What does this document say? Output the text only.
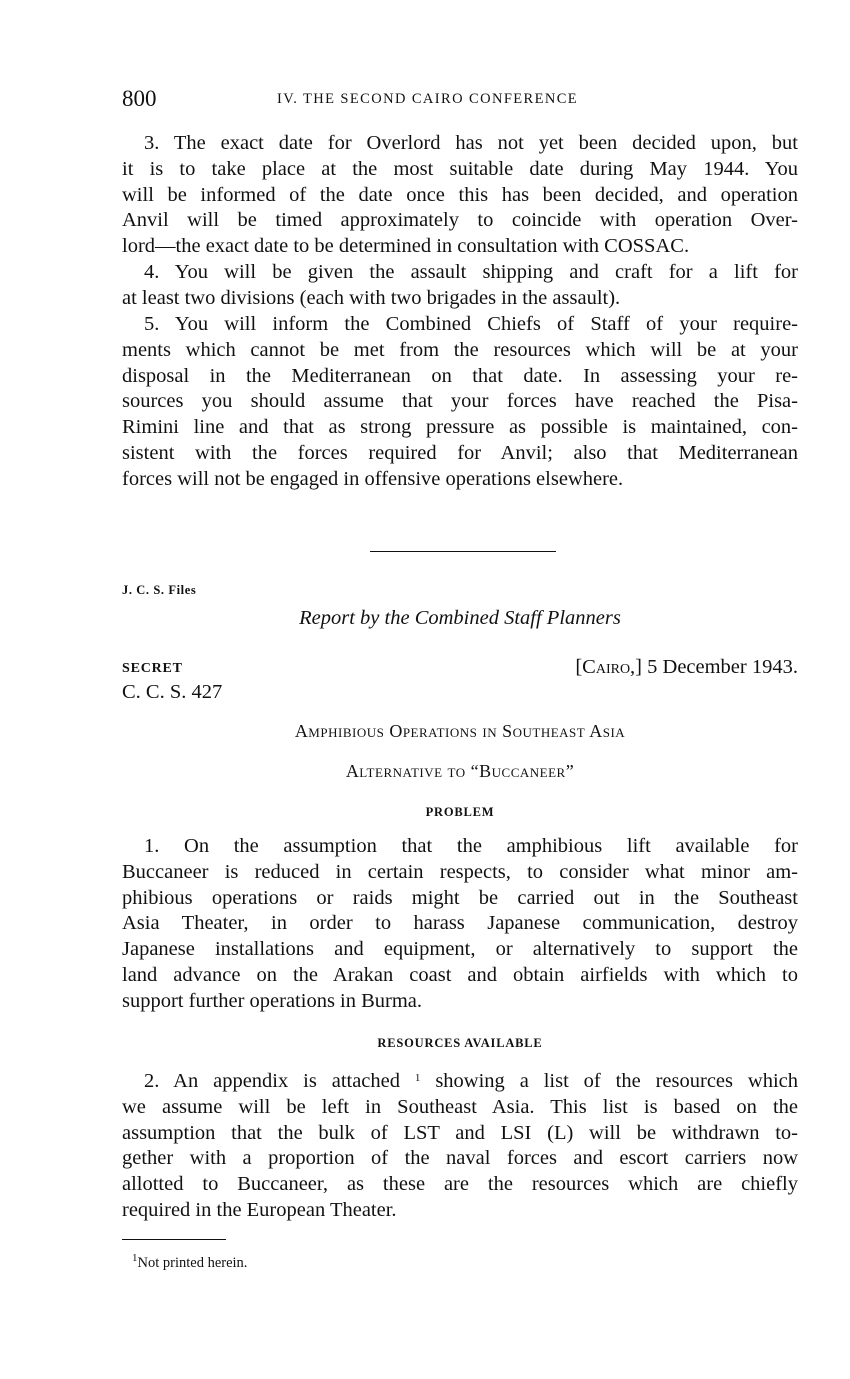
800	IV. THE SECOND CAIRO CONFERENCE
3. The exact date for Overlord has not yet been decided upon, but
it is to take place at the most suitable date during May 1944. You
will be informed of the date once this has been decided, and operation
Anvil will be timed approximately to coincide with operation Over-
lord—the exact date to be determined in consultation with COSSAC.
4. You will be given the assault shipping and craft for a lift for
at least two divisions (each with two brigades in the assault).
5. You will inform the Combined Chiefs of Staff of your require-
ments which cannot be met from the resources which will be at your
disposal in the Mediterranean on that date. In assessing your re-
sources you should assume that your forces have reached the Pisa-
Rimini line and that as strong pressure as possible is maintained, con-
sistent with the forces required for Anvil; also that Mediterranean
forces will not be engaged in offensive operations elsewhere.
J. C. S. Files
Report by the Combined Staff Planners
SECRET	[Cairo,] 5 December 1943.
C. C. S. 427
Amphibious Operations in Southeast Asia
Alternative to “Buccaneer”
PROBLEM
1. On the assumption that the amphibious lift available for
Buccaneer is reduced in certain respects, to consider what minor am-
phibious operations or raids might be carried out in the Southeast
Asia Theater, in order to harass Japanese communication, destroy
Japanese installations and equipment, or alternatively to support the
land advance on the Arakan coast and obtain airfields with which to
support further operations in Burma.
RESOURCES AVAILABLE
2. An appendix is attached $^1$ showing a list of the resources which
we assume will be left in Southeast Asia. This list is based on the
assumption that the bulk of LST and LSI (L) will be withdrawn to-
gether with a proportion of the naval forces and escort carriers now
allotted to Buccaneer, as these are the resources which are chiefly
required in the European Theater.
$^1$Not printed herein.
